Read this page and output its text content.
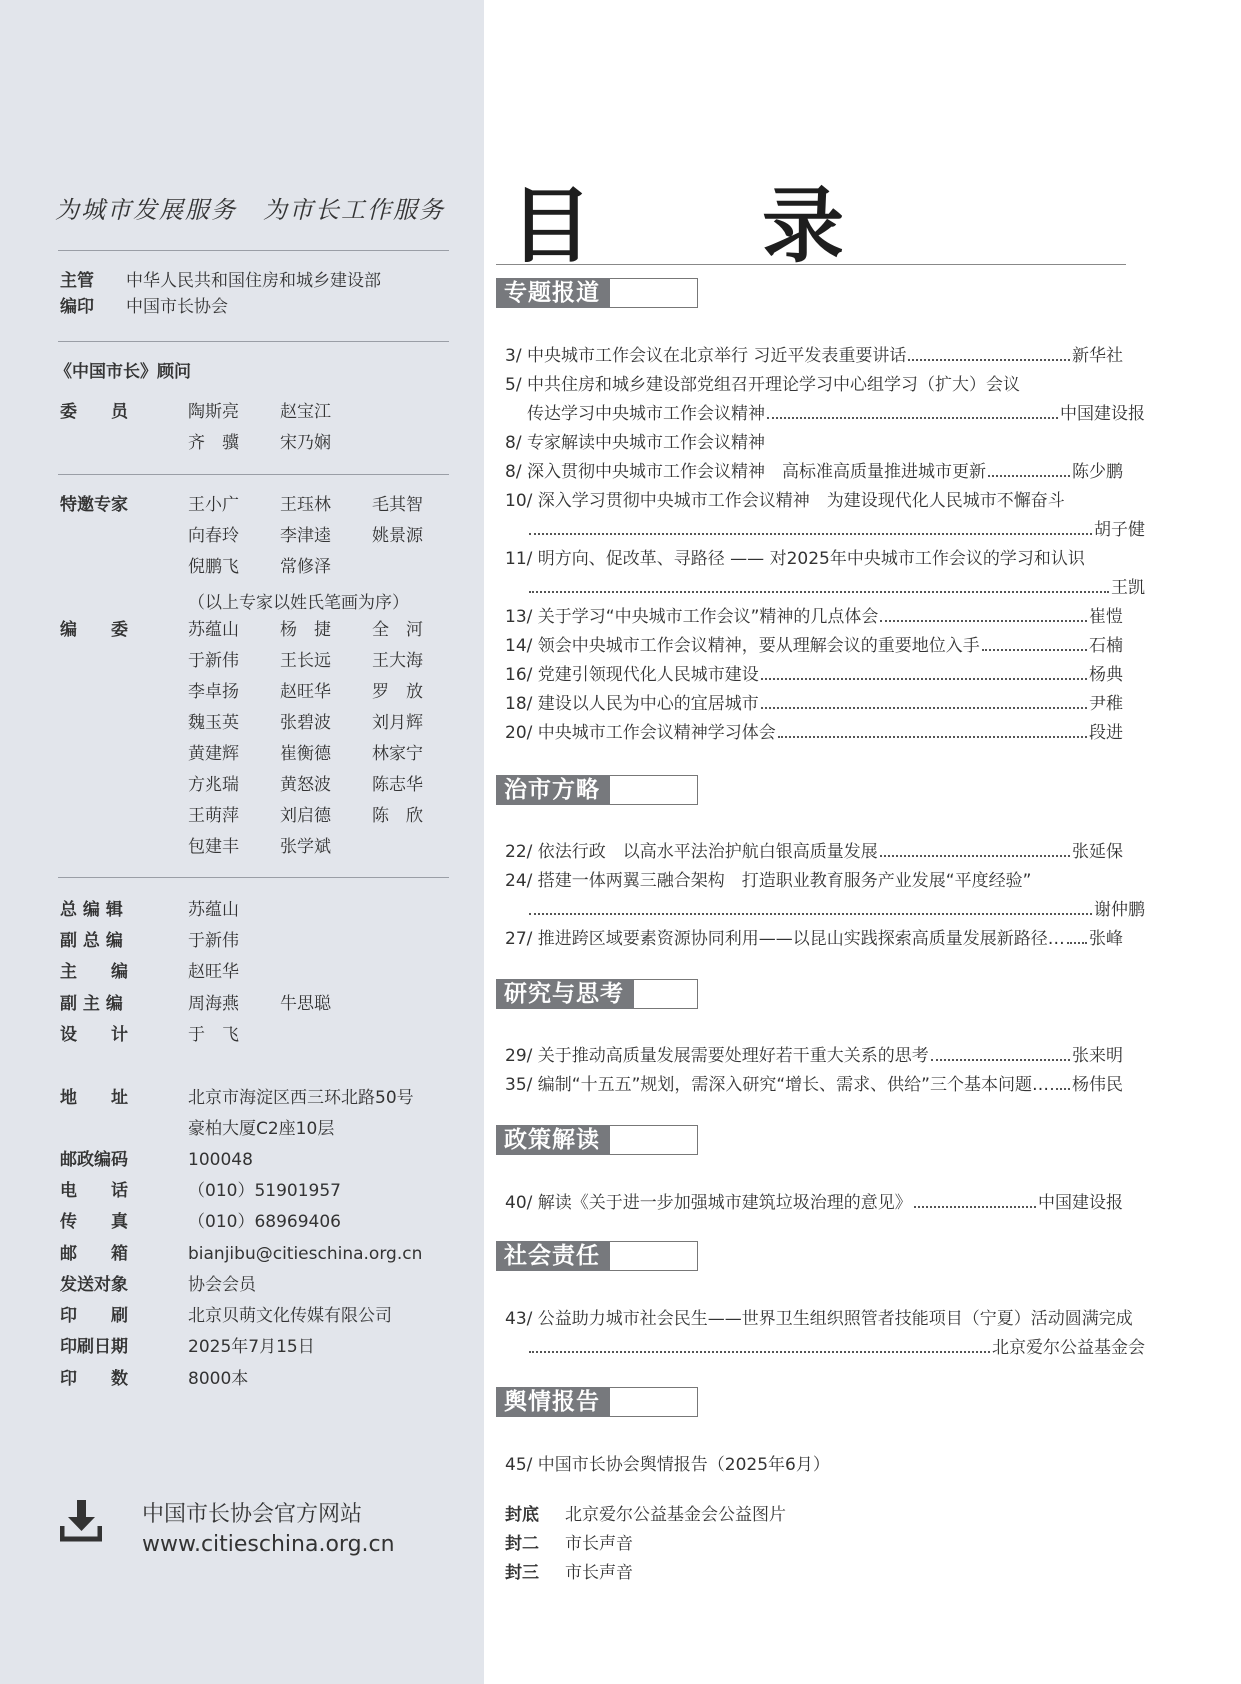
为城市发展服务 为市长工作服务
主管 中华人民共和国住房和城乡建设部
编印 中国市长协会
《中国市长》顾问
委　　员	陶斯亮 赵宝江
齐　骥 宋乃娴
特邀专家	王小广 王珏林 毛其智
向春玲 李津逵 姚景源
倪鹏飞 常修泽
（以上专家以姓氏笔画为序）
编　　委	苏蕴山 杨　捷 全　河
于新伟 王长远 王大海
李卓扬 赵旺华 罗　放
魏玉英 张碧波 刘月辉
黄建辉 崔衡德 林家宁
方兆瑞 黄怒波 陈志华
王萌萍 刘启德 陈　欣
包建丰 张学斌
总 编 辑	苏蕴山
副 总 编	于新伟
主　　编	赵旺华
副 主 编	周海燕 牛思聪
设　　计	于　飞
地　　址	北京市海淀区西三环北路50号
豪柏大厦C2座10层
邮政编码	100048
电　　话	（010）51901957
传　　真	（010）68969406
邮　　箱	bianjibu@citieschina.org.cn
发送对象	协会会员
印　　刷	北京贝萌文化传媒有限公司
印刷日期	2025年7月15日
印　　数	8000本
中国市长协会官方网站
www.citieschina.org.cn
目　录
专题报道
3/ 中央城市工作会议在北京举行 习近平发表重要讲话	新华社
5/ 中共住房和城乡建设部党组召开理论学习中心组学习（扩大）会议
传达学习中央城市工作会议精神	中国建设报
8/ 专家解读中央城市工作会议精神
8/ 深入贯彻中央城市工作会议精神　高标准高质量推进城市更新	陈少鹏
10/ 深入学习贯彻中央城市工作会议精神　为建设现代化人民城市不懈奋斗
胡子健
11/ 明方向、促改革、寻路径 —— 对2025年中央城市工作会议的学习和认识
王凯
13/ 关于学习“中央城市工作会议”精神的几点体会	崔愷
14/ 领会中央城市工作会议精神，要从理解会议的重要地位入手	石楠
16/ 党建引领现代化人民城市建设	杨典
18/ 建设以人民为中心的宜居城市	尹稚
20/ 中央城市工作会议精神学习体会	段进
治市方略
22/ 依法行政　以高水平法治护航白银高质量发展	张延保
24/ 搭建一体两翼三融合架构　打造职业教育服务产业发展“平度经验”
谢仲鹏
27/ 推进跨区域要素资源协同利用——以昆山实践探索高质量发展新路径… 张峰
研究与思考
29/ 关于推动高质量发展需要处理好若干重大关系的思考	张来明
35/ 编制“十五五”规划，需深入研究“增长、需求、供给”三个基本问题… 杨伟民
政策解读
40/ 解读《关于进一步加强城市建筑垃圾治理的意见》	中国建设报
社会责任
43/ 公益助力城市社会民生——世界卫生组织照管者技能项目（宁夏）活动圆满完成
北京爱尔公益基金会
舆情报告
45/ 中国市长协会舆情报告（2025年6月）
封底 北京爱尔公益基金会公益图片
封二 市长声音
封三 市长声音
